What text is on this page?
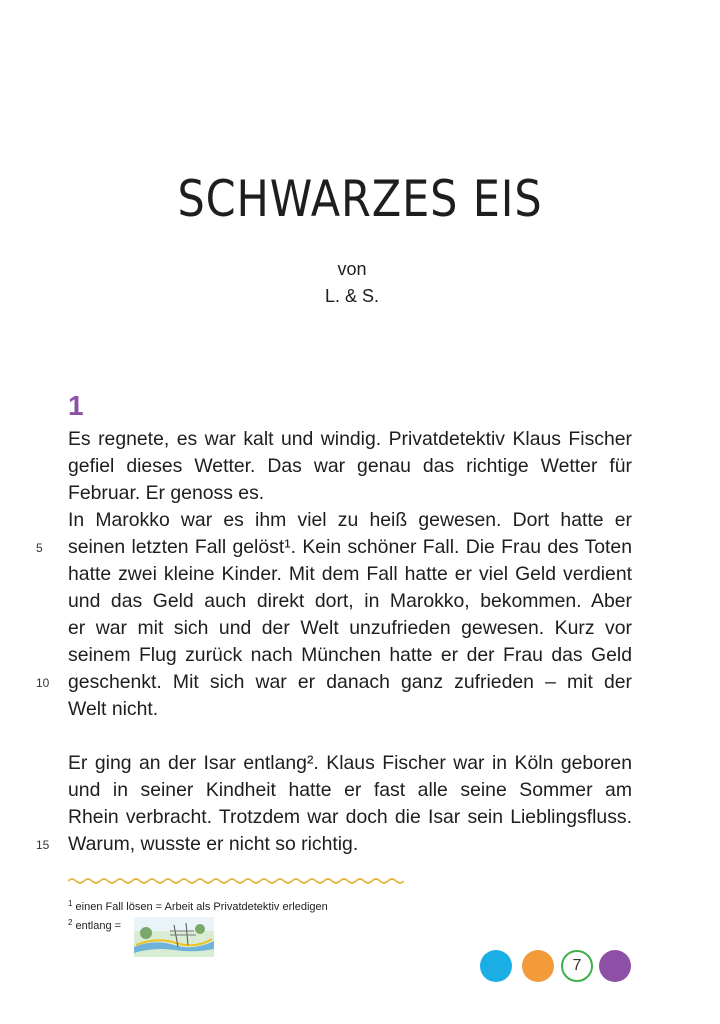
SCHWARZES EIS
von
L. & S.
1
Es regnete, es war kalt und windig. Privatdetektiv Klaus Fischer
gefiel dieses Wetter. Das war genau das richtige Wetter für
Februar. Er genoss es.
In Marokko war es ihm viel zu heiß gewesen. Dort hatte er
seinen letzten Fall gelöst¹. Kein schöner Fall. Die Frau des Toten
hatte zwei kleine Kinder. Mit dem Fall hatte er viel Geld verdient
und das Geld auch direkt dort, in Marokko, bekommen. Aber
er war mit sich und der Welt unzufrieden gewesen. Kurz vor
seinem Flug zurück nach München hatte er der Frau das Geld
geschenkt. Mit sich war er danach ganz zufrieden – mit der
Welt nicht.
Er ging an der Isar entlang². Klaus Fischer war in Köln geboren
und in seiner Kindheit hatte er fast alle seine Sommer am
Rhein verbracht. Trotzdem war doch die Isar sein Lieblingsfluss.
Warum, wusste er nicht so richtig.
5
10
15
$^1$ einen Fall lösen = Arbeit als Privatdetektiv erledigen
$^2$ entlang =
7
